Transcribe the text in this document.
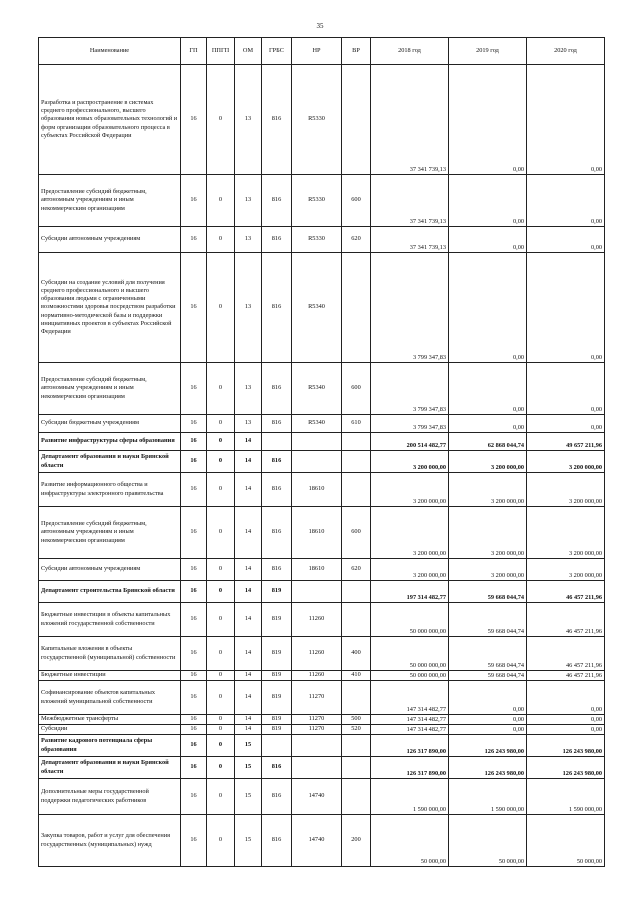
35
Наименование	ГП	ППГП	ОМ	ГРБС	НР	ВР	2018 год	2019 год	2020 год
Разработка и распространение в системах среднего профессионального, высшего образования новых образовательных технологий и форм организации образовательного процесса в субъектах Российской Федерации	16	0	13	816	R5330		37 341 739,13	0,00	0,00
Предоставление субсидий бюджетным, автономным учреждениям и иным некоммерческим организациям	16	0	13	816	R5330	600	37 341 739,13	0,00	0,00
Субсидии автономным учреждениям	16	0	13	816	R5330	620	37 341 739,13	0,00	0,00
Субсидии на создание условий для получения среднего профессионального и высшего образования людьми с ограниченными возможностями здоровья посредством разработки нормативно-методической базы и поддержки инициативных проектов в субъектах Российской Федерации	16	0	13	816	R5340		3 799 347,83	0,00	0,00
Предоставление субсидий бюджетным, автономным учреждениям и иным некоммерческим организациям	16	0	13	816	R5340	600	3 799 347,83	0,00	0,00
Субсидии бюджетным учреждениям	16	0	13	816	R5340	610	3 799 347,83	0,00	0,00
Развитие инфраструктуры сферы образования	16	0	14				200 514 482,77	62 868 044,74	49 657 211,96
Департамент образования и науки Брянской области	16	0	14	816			3 200 000,00	3 200 000,00	3 200 000,00
Развитие информационного общества и инфраструктуры электронного правительства	16	0	14	816	18610		3 200 000,00	3 200 000,00	3 200 000,00
Предоставление субсидий бюджетным, автономным учреждениям и иным некоммерческим организациям	16	0	14	816	18610	600	3 200 000,00	3 200 000,00	3 200 000,00
Субсидии автономным учреждениям	16	0	14	816	18610	620	3 200 000,00	3 200 000,00	3 200 000,00
Департамент строительства Брянской области	16	0	14	819			197 314 482,77	59 668 044,74	46 457 211,96
Бюджетные инвестиции в объекты капитальных вложений государственной собственности	16	0	14	819	11260		50 000 000,00	59 668 044,74	46 457 211,96
Капитальные вложения в объекты государственной (муниципальной) собственности	16	0	14	819	11260	400	50 000 000,00	59 668 044,74	46 457 211,96
Бюджетные инвестиции	16	0	14	819	11260	410	50 000 000,00	59 668 044,74	46 457 211,96
Софинансирование объектов капитальных вложений муниципальной собственности	16	0	14	819	11270		147 314 482,77	0,00	0,00
Межбюджетные трансферты	16	0	14	819	11270	500	147 314 482,77	0,00	0,00
Субсидии	16	0	14	819	11270	520	147 314 482,77	0,00	0,00
Развитие кадрового потенциала сферы образования	16	0	15				126 317 890,00	126 243 980,00	126 243 980,00
Департамент образования и науки Брянской области	16	0	15	816			126 317 890,00	126 243 980,00	126 243 980,00
Дополнительные меры государственной поддержки педагогических работников	16	0	15	816	14740		1 590 000,00	1 590 000,00	1 590 000,00
Закупка товаров, работ и услуг для обеспечения государственных (муниципальных) нужд	16	0	15	816	14740	200	50 000,00	50 000,00	50 000,00
